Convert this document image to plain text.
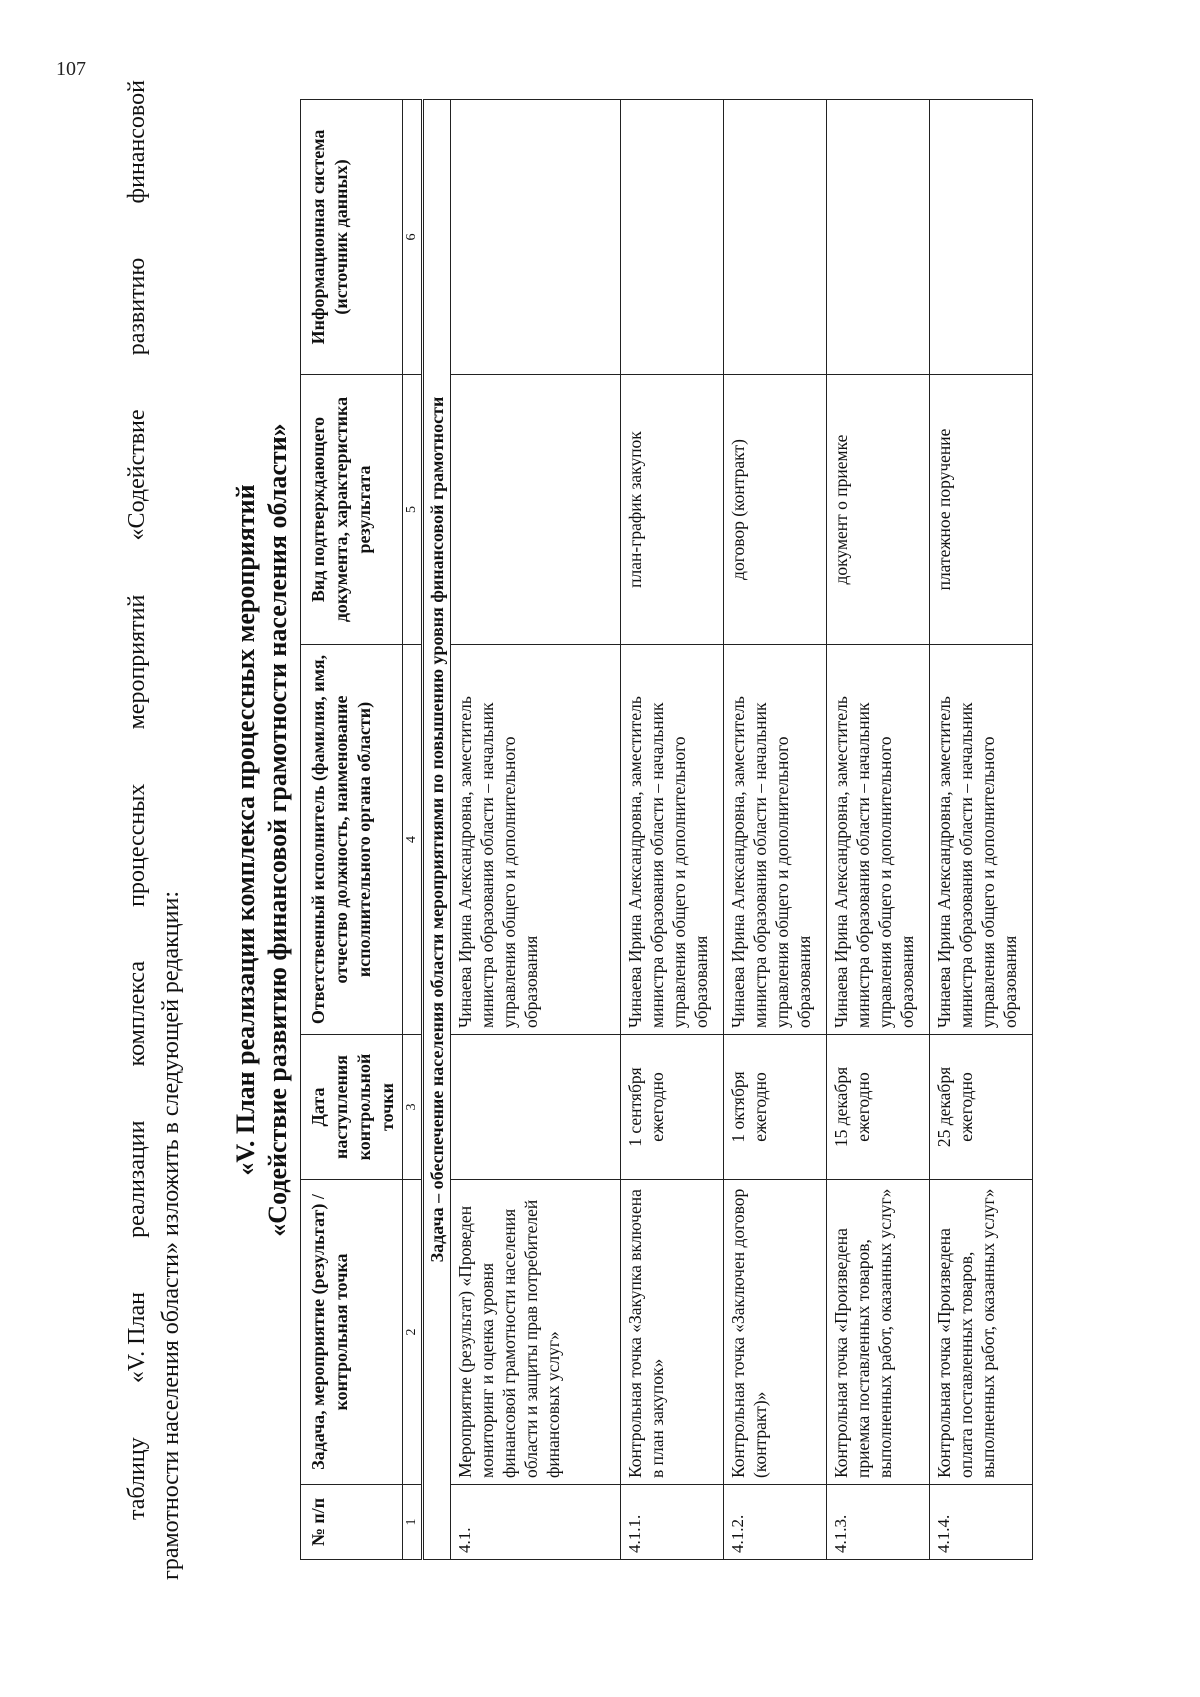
107
таблицу
«V. План
реализации
комплекса
процессных
мероприятий
«Содействие
развитию
финансовой
грамотности населения области» изложить в следующей редакции:
«V. План реализации комплекса процессных мероприятий «Содействие развитию финансовой грамотности населения области»
№ п/п	Задача, мероприятие (результат) / контрольная точка	Дата наступления контрольной точки	Ответственный исполнитель (фамилия, имя, отчество должность, наименование исполнительного органа области)	Вид подтверждающего документа, характеристика результата	Информационная система (источник данных)
1	2	3	4	5	6
Задача – обеспечение населения области мероприятиями по повышению уровня финансовой грамотности					
4.1.	Мероприятие (результат) «Проведен мониторинг и оценка уровня финансовой грамотности населения области и защиты прав потребителей финансовых услуг»		Чинаева Ирина Александровна, заместитель министра образования области – начальник управления общего и дополнительного образования		
4.1.1.	Контрольная точка «Закупка включена в план закупок»	1 сентября ежегодно	Чинаева Ирина Александровна, заместитель министра образования области – начальник управления общего и дополнительного образования	план-график закупок	
4.1.2.	Контрольная точка «Заключен договор (контракт)»	1 октября ежегодно	Чинаева Ирина Александровна, заместитель министра образования области – начальник управления общего и дополнительного образования	договор (контракт)	
4.1.3.	Контрольная точка «Произведена приемка поставленных товаров, выполненных работ, оказанных услуг»	15 декабря ежегодно	Чинаева Ирина Александровна, заместитель министра образования области – начальник управления общего и дополнительного образования	документ о приемке	
4.1.4.	Контрольная точка «Произведена оплата поставленных товаров, выполненных работ, оказанных услуг»	25 декабря ежегодно	Чинаева Ирина Александровна, заместитель министра образования области – начальник управления общего и дополнительного образования	платежное поручение	
